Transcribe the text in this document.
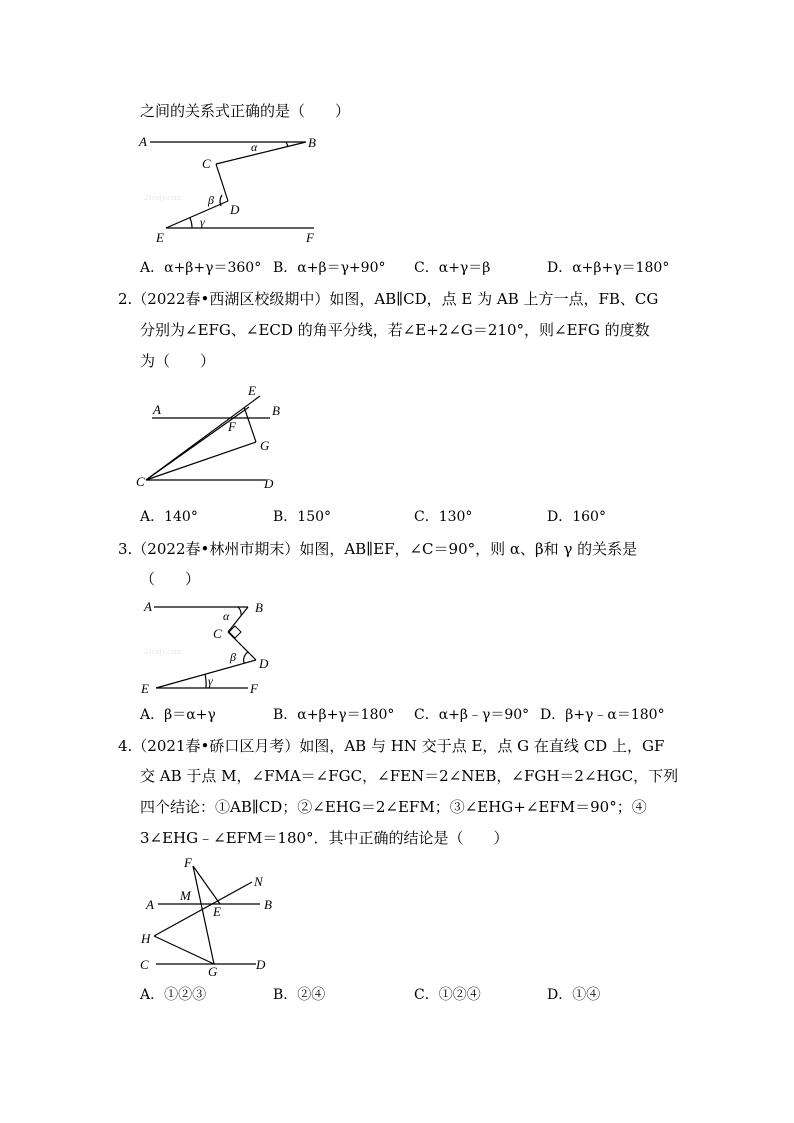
之间的关系式正确的是（　　）
A	B
C
D
E	F
α
β
γ
21cnjy.com
A．α+β+γ＝360° B．α+β＝γ+90° C．α+γ＝β	D．α+β+γ＝180°
2.（2022春•西湖区校级期中）如图，AB∥CD，点 E 为 AB 上方一点，FB、CG
分别为∠EFG、∠ECD 的角平分线，若∠E+2∠G＝210°，则∠EFG 的度数
为（　　）
A	B
C	D
E
F
G
A．140°	B．150°	C．130°	D．160°
3.（2022春•林州市期末）如图，AB∥EF，∠C＝90°，则 α、β和 γ 的关系是
（　　）
A	B
C
D
E	F
α
β
γ
21cnjy.com
A．β＝α+γ	B．α+β+γ＝180° C．α+β﹣γ＝90° D．β+γ﹣α＝180°
4.（2021春•硚口区月考）如图，AB 与 HN 交于点 E，点 G 在直线 CD 上，GF
交 AB 于点 M，∠FMA＝∠FGC，∠FEN＝2∠NEB，∠FGH＝2∠HGC，下列
四个结论：①AB∥CD；②∠EHG＝2∠EFM；③∠EHG+∠EFM＝90°；④
3∠EHG﹣∠EFM＝180°．其中正确的结论是（　　）
F
N
M
A	E	B
H
C	G	D
A．①②③	B．②④	C．①②④	D．①④
